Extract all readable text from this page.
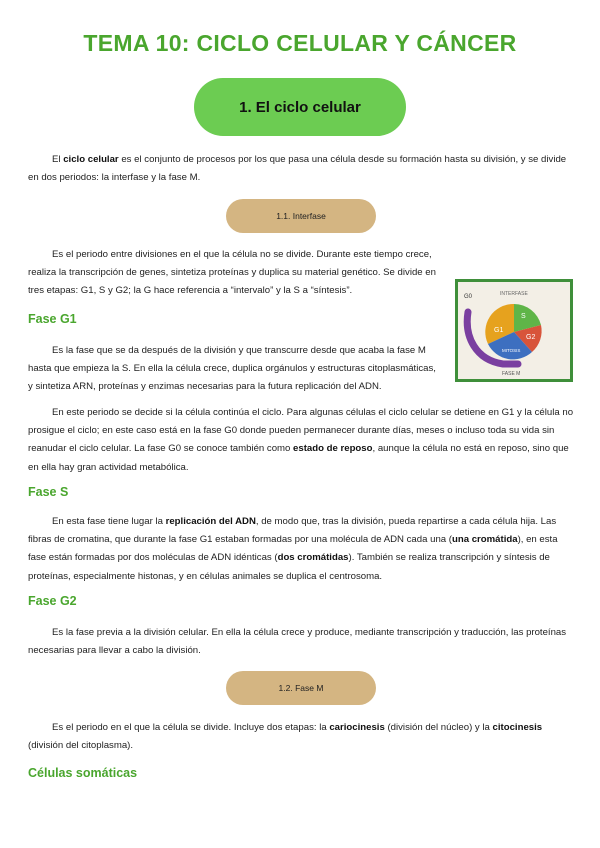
TEMA 10: CICLO CELULAR Y CÁNCER
1. El ciclo celular

El ciclo celular es el conjunto de procesos por los que pasa una célula desde su formación hasta su división, y se divide en dos periodos: la interfase y la fase M.

1.1. Interfase

Es el periodo entre divisiones en el que la célula no se divide. Durante este tiempo crece, realiza la transcripción de genes, sintetiza proteínas y duplica su material genético. Se divide en tres etapas: G1, S y G2; la G hace referencia a “intervalo” y la S a “síntesis”.

G0	INTERFASE
G1
S
G2
MITOSIS
FASE M
Fase G1

Es la fase que se da después de la división y que transcurre desde que acaba la fase M hasta que empieza la S. En ella la célula crece, duplica orgánulos y estructuras citoplasmáticas, y sintetiza ARN, proteínas y enzimas necesarias para la futura replicación del ADN.

En este periodo se decide si la célula continúa el ciclo. Para algunas células el ciclo celular se detiene en G1 y la célula no prosigue el ciclo; en este caso está en la fase G0 donde pueden permanecer durante días, meses o incluso toda su vida sin reanudar el ciclo celular. La fase G0 se conoce también como estado de reposo, aunque la célula no está en reposo, sino que en ella hay gran actividad metabólica.

Fase S

En esta fase tiene lugar la replicación del ADN, de modo que, tras la división, pueda repartirse a cada célula hija. Las fibras de cromatina, que durante la fase G1 estaban formadas por una molécula de ADN cada una (una cromátida), en esta fase están formadas por dos moléculas de ADN idénticas (dos cromátidas). También se realiza transcripción y síntesis de proteínas, especialmente histonas, y en células animales se duplica el centrosoma.

Fase G2

Es la fase previa a la división celular. En ella la célula crece y produce, mediante transcripción y traducción, las proteínas necesarias para llevar a cabo la división.

1.2. Fase M

Es el periodo en el que la célula se divide. Incluye dos etapas: la cariocinesis (división del núcleo) y la citocinesis (división del citoplasma).

Células somáticas
